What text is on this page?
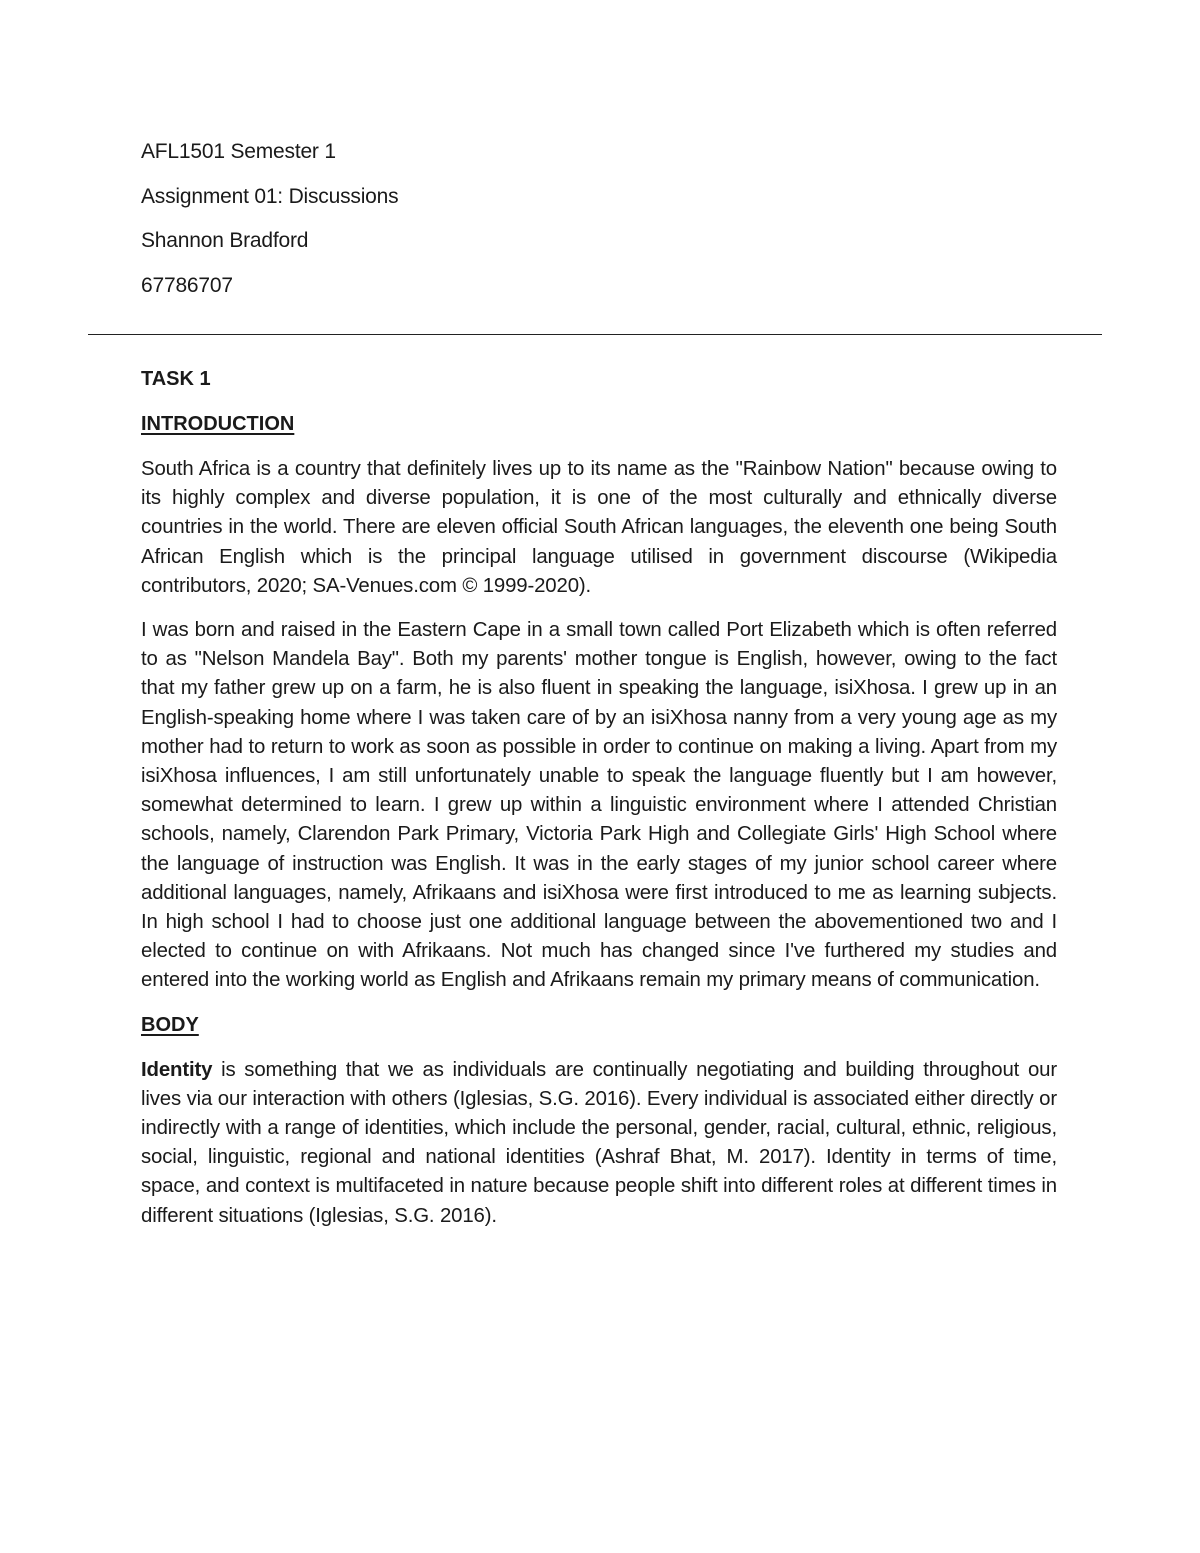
AFL1501 Semester 1
Assignment 01: Discussions
Shannon Bradford
67786707
TASK 1
INTRODUCTION

South Africa is a country that definitely lives up to its name as the "Rainbow Nation" because owing to its highly complex and diverse population, it is one of the most culturally and ethnically diverse countries in the world. There are eleven official South African languages, the eleventh one being South African English which is the principal language utilised in government discourse (Wikipedia contributors, 2020; SA-Venues.com © 1999-2020).

I was born and raised in the Eastern Cape in a small town called Port Elizabeth which is often referred to as "Nelson Mandela Bay". Both my parents' mother tongue is English, however, owing to the fact that my father grew up on a farm, he is also fluent in speaking the language, isiXhosa. I grew up in an English-speaking home where I was taken care of by an isiXhosa nanny from a very young age as my mother had to return to work as soon as possible in order to continue on making a living. Apart from my isiXhosa influences, I am still unfortunately unable to speak the language fluently but I am however, somewhat determined to learn. I grew up within a linguistic environment where I attended Christian schools, namely, Clarendon Park Primary, Victoria Park High and Collegiate Girls' High School where the language of instruction was English. It was in the early stages of my junior school career where additional languages, namely, Afrikaans and isiXhosa were first introduced to me as learning subjects. In high school I had to choose just one additional language between the abovementioned two and I elected to continue on with Afrikaans. Not much has changed since I've furthered my studies and entered into the working world as English and Afrikaans remain my primary means of communication.

BODY

Identity is something that we as individuals are continually negotiating and building throughout our lives via our interaction with others (Iglesias, S.G. 2016). Every individual is associated either directly or indirectly with a range of identities, which include the personal, gender, racial, cultural, ethnic, religious, social, linguistic, regional and national identities (Ashraf Bhat, M. 2017). Identity in terms of time, space, and context is multifaceted in nature because people shift into different roles at different times in different situations (Iglesias, S.G. 2016).
